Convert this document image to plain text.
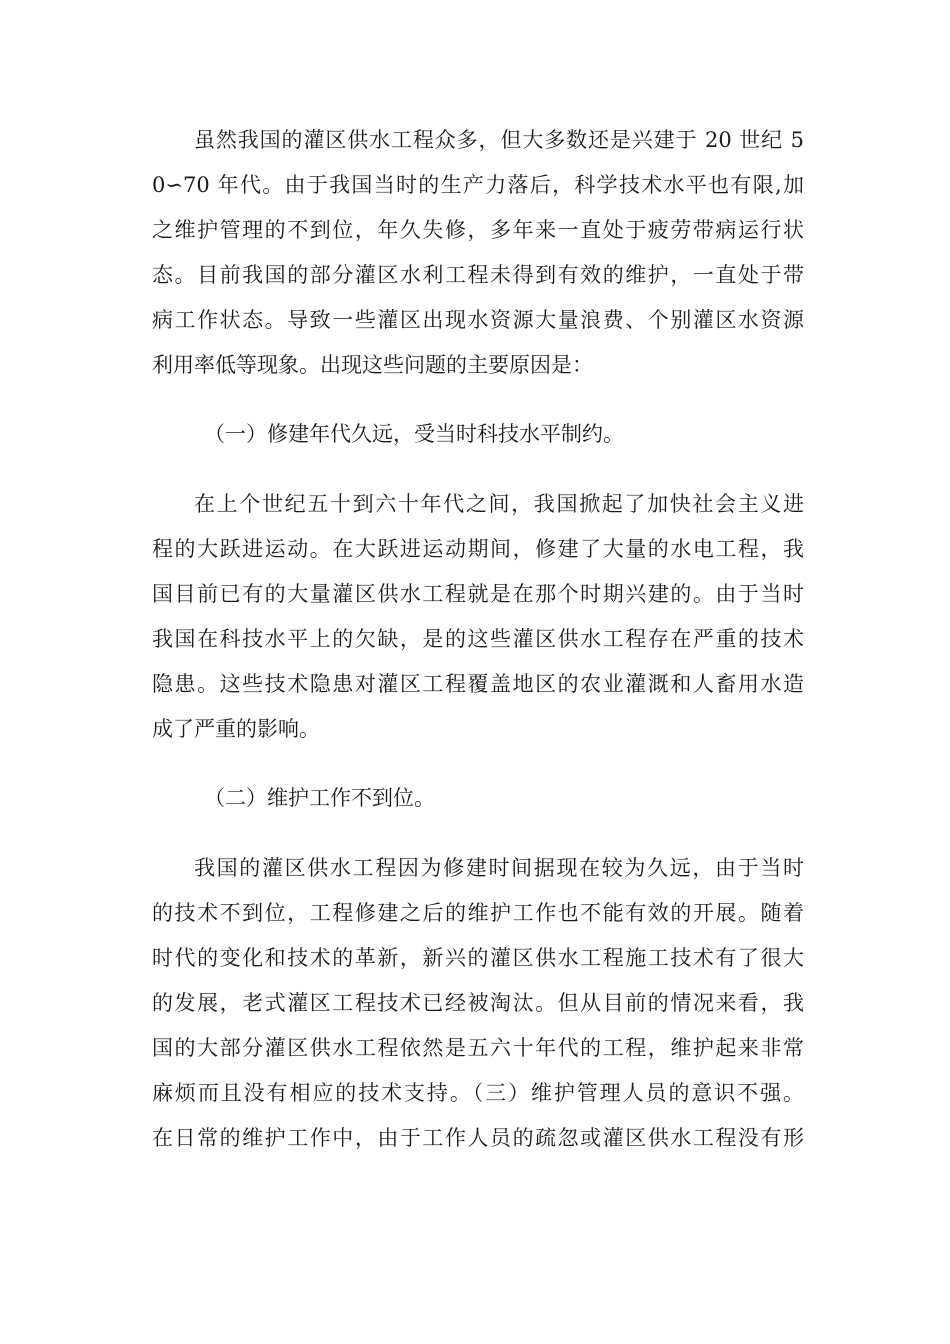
虽然我国的灌区供水工程众多，但大多数还是兴建于 20 世纪 5
0∽70 年代。由于我国当时的生产力落后，科学技术水平也有限,加
之维护管理的不到位，年久失修，多年来一直处于疲劳带病运行状
态。目前我国的部分灌区水利工程未得到有效的维护，一直处于带
病工作状态。导致一些灌区出现水资源大量浪费、个别灌区水资源
利用率低等现象。出现这些问题的主要原因是：
（一）修建年代久远，受当时科技水平制约。
在上个世纪五十到六十年代之间，我国掀起了加快社会主义进
程的大跃进运动。在大跃进运动期间，修建了大量的水电工程，我
国目前已有的大量灌区供水工程就是在那个时期兴建的。由于当时
我国在科技水平上的欠缺，是的这些灌区供水工程存在严重的技术
隐患。这些技术隐患对灌区工程覆盖地区的农业灌溉和人畜用水造
成了严重的影响。
（二）维护工作不到位。
我国的灌区供水工程因为修建时间据现在较为久远，由于当时
的技术不到位，工程修建之后的维护工作也不能有效的开展。随着
时代的变化和技术的革新，新兴的灌区供水工程施工技术有了很大
的发展，老式灌区工程技术已经被淘汰。但从目前的情况来看，我
国的大部分灌区供水工程依然是五六十年代的工程，维护起来非常
麻烦而且没有相应的技术支持。（三）维护管理人员的意识不强。
在日常的维护工作中，由于工作人员的疏忽或灌区供水工程没有形
